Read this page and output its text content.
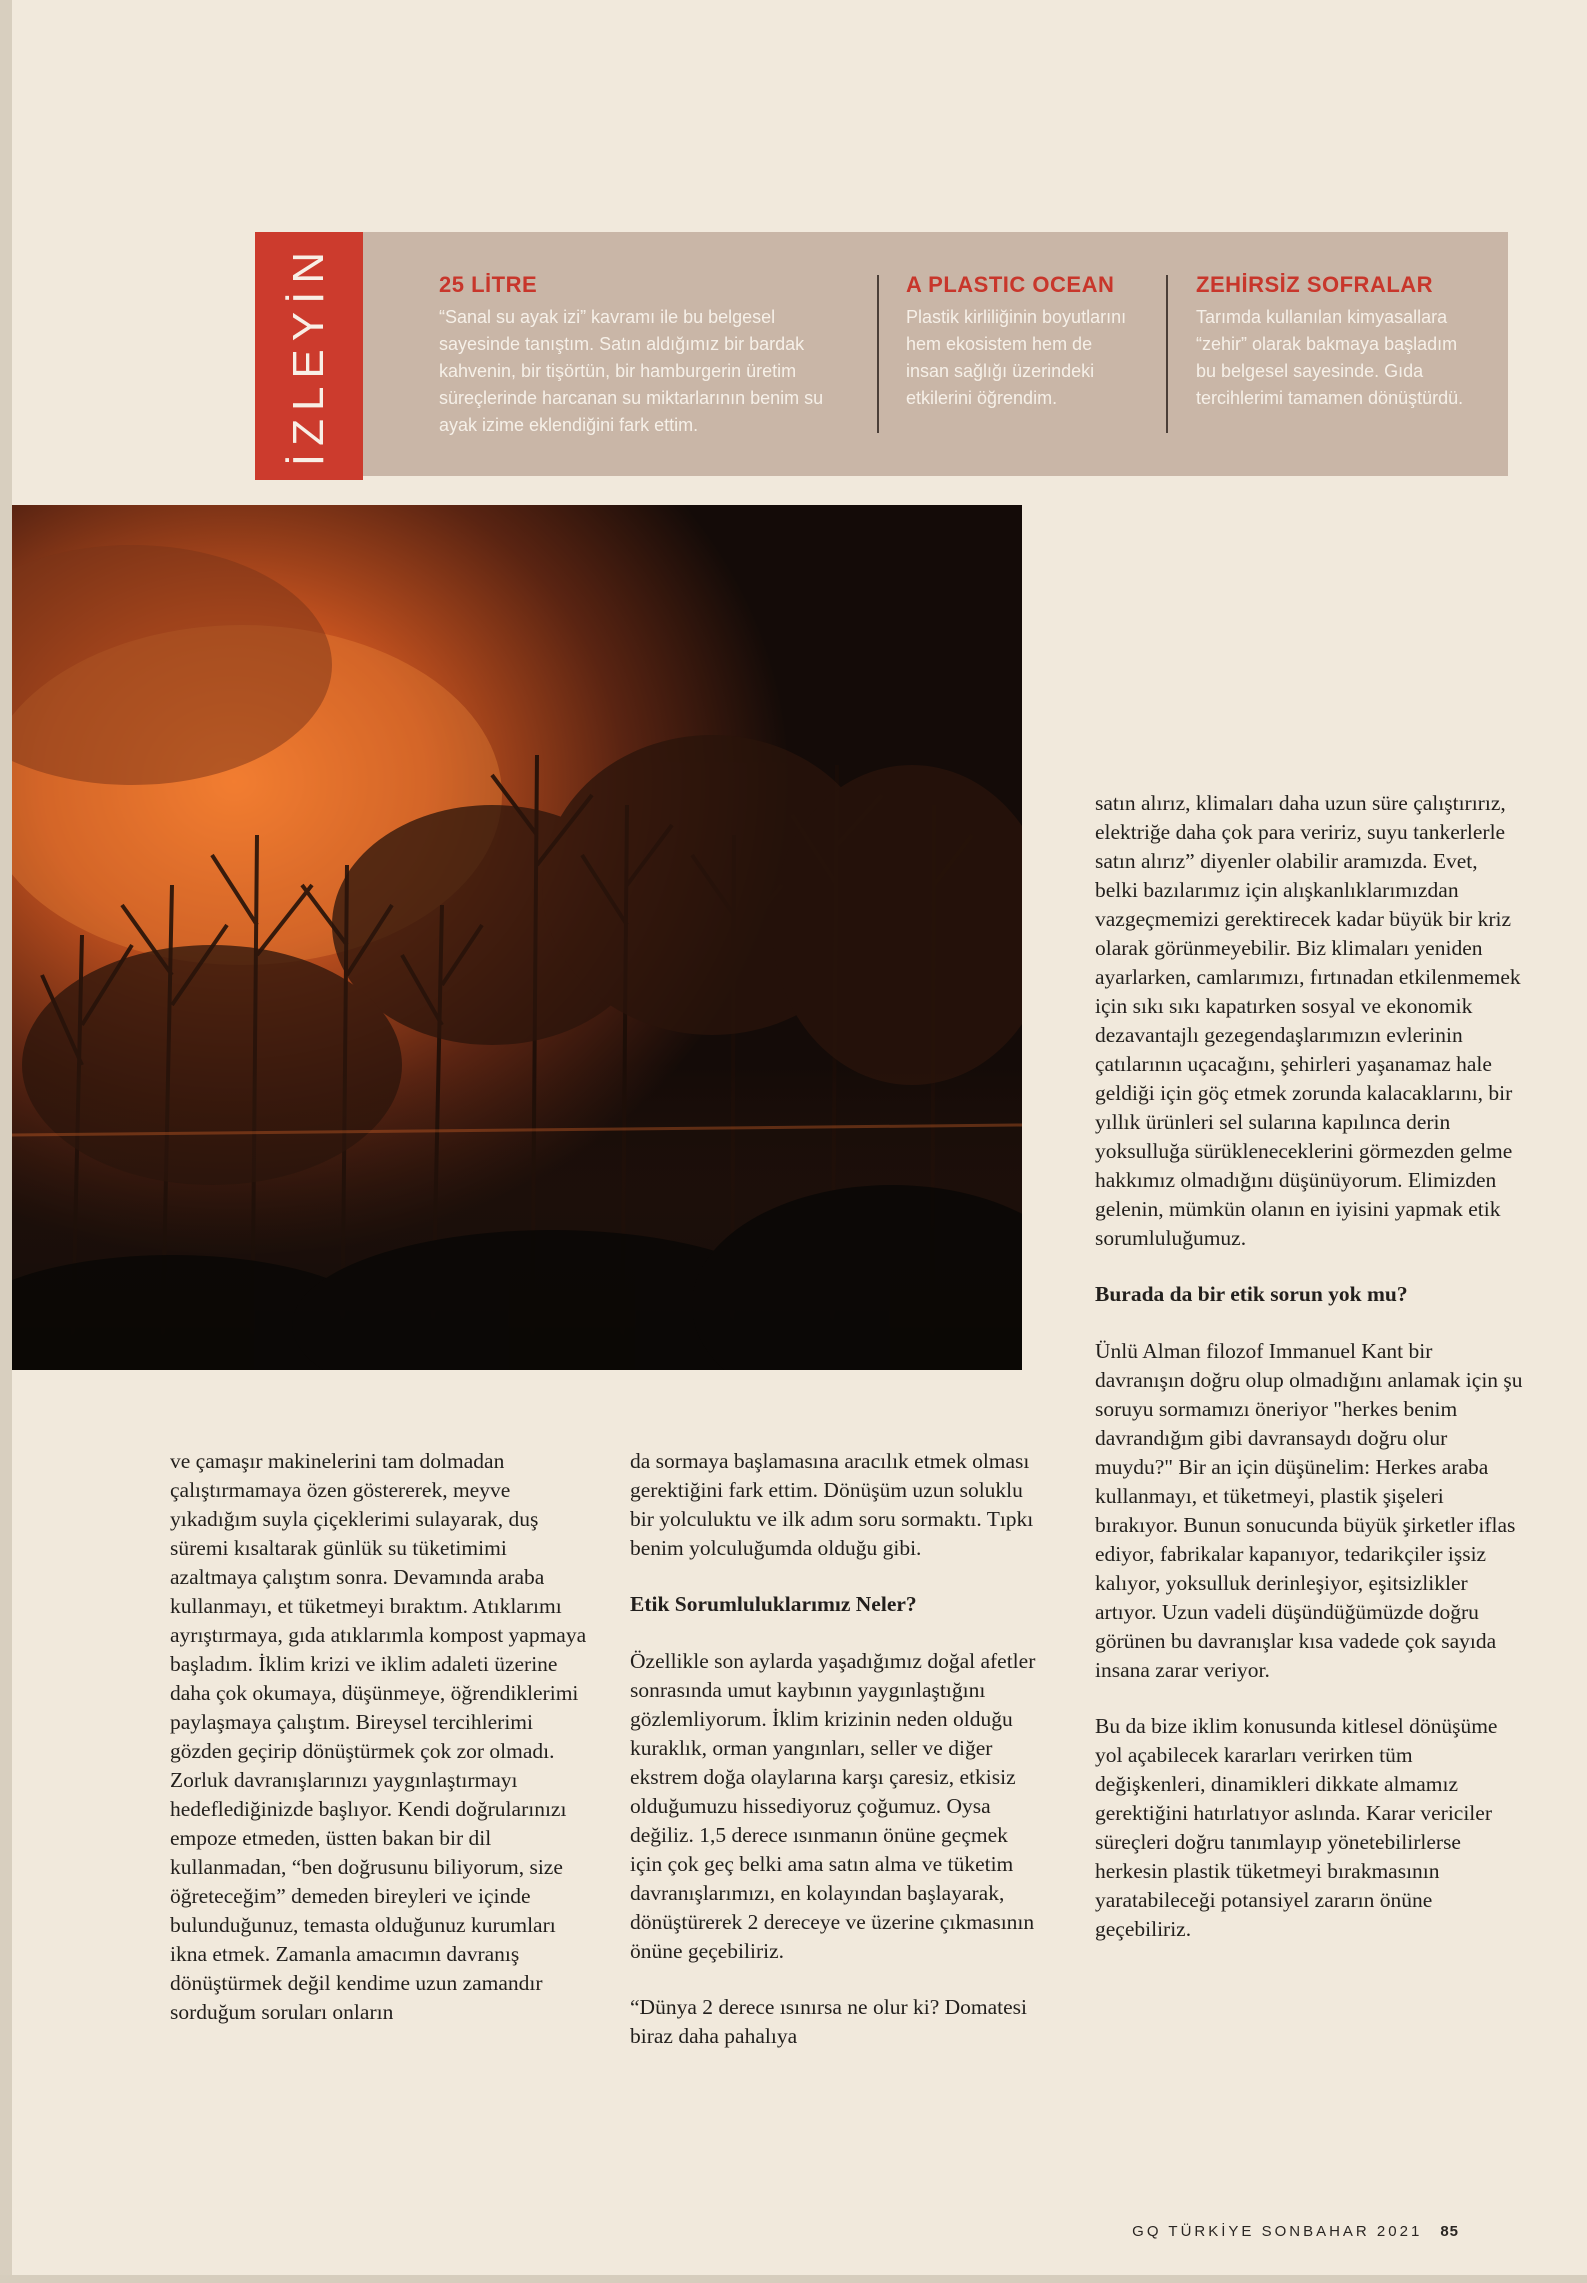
İZLEYİN	25 LİTRE

“Sanal su ayak izi” kavramı ile bu belgesel sayesinde tanıştım. Satın aldığımız bir bardak kahvenin, bir tişörtün, bir hamburgerin üretim süreçlerinde harcanan su miktarlarının benim su ayak izime eklendiğini fark ettim.

A PLASTIC OCEAN

Plastik kirliliğinin boyutlarını hem ekosistem hem de insan sağlığı üzerindeki etkilerini öğrendim.

ZEHİRSİZ SOFRALAR

Tarımda kullanılan kimyasallara “zehir” olarak bakmaya başladım bu belgesel sayesinde. Gıda tercihlerimi tamamen dönüştürdü.

satın alırız, klimaları daha uzun süre çalıştırırız, elektriğe daha çok para veririz, suyu tankerlerle satın alırız” diyenler olabilir aramızda. Evet, belki bazılarımız için alışkanlıklarımızdan vazgeçmemizi gerektirecek kadar büyük bir kriz olarak görünmeyebilir. Biz klimaları yeniden ayarlarken, camlarımızı, fırtınadan etkilenmemek için sıkı sıkı kapatırken sosyal ve ekonomik dezavantajlı gezegendaşlarımızın evlerinin çatılarının uçacağını, şehirleri yaşanamaz hale geldiği için göç etmek zorunda kalacaklarını, bir yıllık ürünleri sel sularına kapılınca derin yoksulluğa sürükleneceklerini görmezden gelme hakkımız olmadığını düşünüyorum. Elimizden gelenin, mümkün olanın en iyisini yapmak etik sorumluluğumuz.

Burada da bir etik sorun yok mu?

Ünlü Alman filozof Immanuel Kant bir davranışın doğru olup olmadığını anlamak için şu soruyu sormamızı öneriyor "herkes benim davrandığım gibi davransaydı doğru olur muydu?" Bir an için düşünelim: Herkes araba kullanmayı, et tüketmeyi, plastik şişeleri bırakıyor. Bunun sonucunda büyük şirketler iflas ediyor, fabrikalar kapanıyor, tedarikçiler işsiz kalıyor, yoksulluk derinleşiyor, eşitsizlikler artıyor. Uzun vadeli düşündüğümüzde doğru görünen bu davranışlar kısa vadede çok sayıda insana zarar veriyor.

Bu da bize iklim konusunda kitlesel dönüşüme yol açabilecek kararları verirken tüm değişkenleri, dinamikleri dikkate almamız gerektiğini hatırlatıyor aslında. Karar vericiler süreçleri doğru tanımlayıp yönetebilirlerse herkesin plastik tüketmeyi bırakmasının yaratabileceği potansiyel zararın önüne geçebiliriz.

ve çamaşır makinelerini tam dolmadan çalıştırmamaya özen göstererek, meyve yıkadığım suyla çiçeklerimi sulayarak, duş süremi kısaltarak günlük su tüketimimi azaltmaya çalıştım sonra. Devamında araba kullanmayı, et tüketmeyi bıraktım. Atıklarımı ayrıştırmaya, gıda atıklarımla kompost yapmaya başladım. İklim krizi ve iklim adaleti üzerine daha çok okumaya, düşünmeye, öğrendiklerimi paylaşmaya çalıştım. Bireysel tercihlerimi gözden geçirip dönüştürmek çok zor olmadı. Zorluk davranışlarınızı yaygınlaştırmayı hedeflediğinizde başlıyor. Kendi doğrularınızı empoze etmeden, üstten bakan bir dil kullanmadan, “ben doğrusunu biliyorum, size öğreteceğim” demeden bireyleri ve içinde bulunduğunuz, temasta olduğunuz kurumları ikna etmek. Zamanla amacımın davranış dönüştürmek değil kendime uzun zamandır sorduğum soruları onların

da sormaya başlamasına aracılık etmek olması gerektiğini fark ettim. Dönüşüm uzun soluklu bir yolculuktu ve ilk adım soru sormaktı. Tıpkı benim yolculuğumda olduğu gibi.

Etik Sorumluluklarımız Neler?

Özellikle son aylarda yaşadığımız doğal afetler sonrasında umut kaybının yaygınlaştığını gözlemliyorum. İklim krizinin neden olduğu kuraklık, orman yangınları, seller ve diğer ekstrem doğa olaylarına karşı çaresiz, etkisiz olduğumuzu hissediyoruz çoğumuz. Oysa değiliz. 1,5 derece ısınmanın önüne geçmek için çok geç belki ama satın alma ve tüketim davranışlarımızı, en kolayından başlayarak, dönüştürerek 2 dereceye ve üzerine çıkmasının önüne geçebiliriz.

“Dünya 2 derece ısınırsa ne olur ki? Domatesi biraz daha pahalıya

GQ TÜRKİYE SONBAHAR 2021 85
